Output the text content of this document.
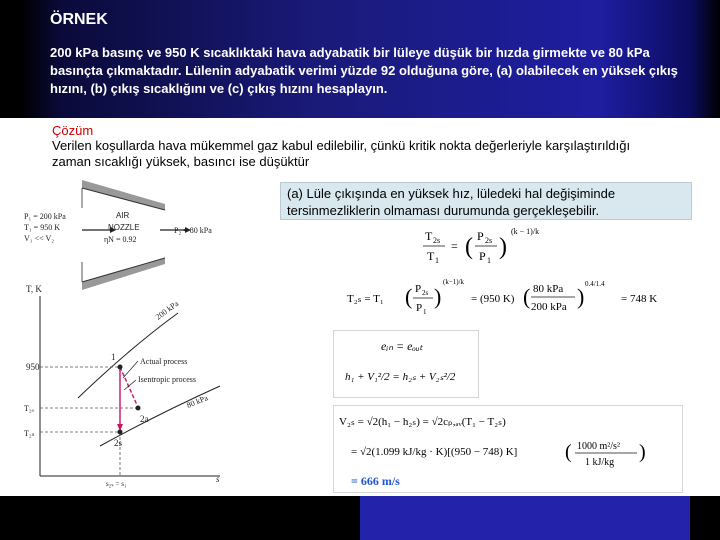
ÖRNEK
200 kPa basınç ve 950 K sıcaklıktaki hava adyabatik bir lüleye düşük bir hızda girmekte ve 80 kPa basınçta çıkmaktadır. Lülenin adyabatik verimi yüzde 92 olduğuna göre, (a) olabilecek en yüksek çıkış hızını, (b) çıkış sıcaklığını ve (c) çıkış hızını hesaplayın.
Çözüm
Verilen koşullarda hava mükemmel gaz kabul edilebilir, çünkü kritik nokta değerleriyle karşılaştırıldığı zaman sıcaklığı yüksek, basıncı ise düşüktür
P₁ = 200 kPa
T₁ = 950 K
V₁ << V₂
AIR
NOZZLE
ηN = 0.92
P₂ = 80 kPa
T, K
s
950
T₂ₐ
T₂ₛ
200 kPa
80 kPa
Actual process
Isentropic process
1
2s
2a
s₂ₛ = s₁
(a) Lüle çıkışında en yüksek hız, lüledeki hal değişiminde tersinmezliklerin olmaması durumunda gerçekleşebilir.
T 2s
T 1
= ( P 2s
P 1
)
(k − 1)/k
T₂ₛ = T₁ ( P 2s
P 1
)
(k−1)/k
= (950 K) ( 80 kPa
200 kPa ) 0.4/1.4
= 748 K
eᵢₙ = eₒᵤₜ
h₁ + V₁²/2 = h₂ₛ + V₂ₛ²/2
V₂ₛ = √2(h₁ − h₂ₛ) = √2cₚ,ₐᵥ(T₁ − T₂ₛ)
= √2(1.099 kJ/kg · K)[(950 − 748) K] ( 1000 m²/s²
1 kJ/kg )
= 666 m/s
